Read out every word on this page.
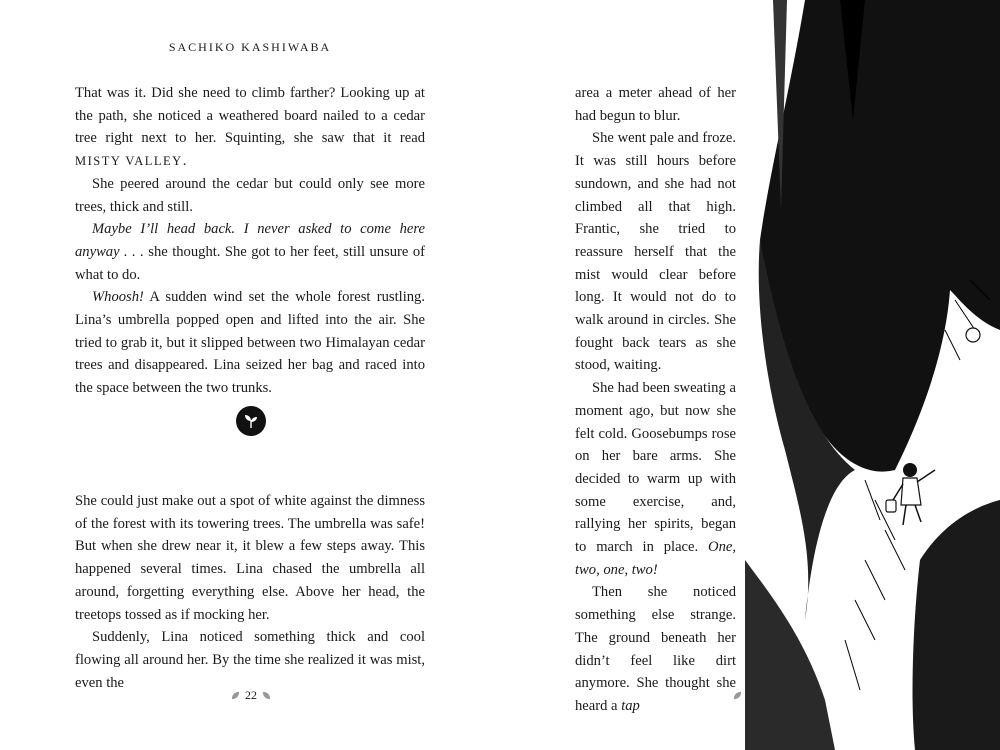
SACHIKO KASHIWABA

That was it. Did she need to climb farther? Looking up at the path, she noticed a weathered board nailed to a cedar tree right next to her. Squinting, she saw that it read MISTY VALLEY.

She peered around the cedar but could only see more trees, thick and still.

Maybe I’ll head back. I never asked to come here anyway . . . she thought. She got to her feet, still unsure of what to do.

Whoosh! A sudden wind set the whole forest rustling. Lina’s umbrella popped open and lifted into the air. She tried to grab it, but it slipped between two Himalayan cedar trees and disappeared. Lina seized her bag and raced into the space between the two trunks.

She could just make out a spot of white against the dimness of the forest with its towering trees. The umbrella was safe! But when she drew near it, it blew a few steps away. This happened several times. Lina chased the umbrella all around, forgetting everything else. Above her head, the treetops tossed as if mocking her.

Suddenly, Lina noticed something thick and cool flowing all around her. By the time she realized it was mist, even the

22

area a meter ahead of her had begun to blur.

She went pale and froze. It was still hours before sundown, and she had not climbed all that high. Frantic, she tried to reassure herself that the mist would clear before long. It would not do to walk around in circles. She fought back tears as she stood, waiting.

She had been sweating a moment ago, but now she felt cold. Goosebumps rose on her bare arms. She decided to warm up with some exercise, and, rallying her spirits, began to march in place. One, two, one, two!

Then she noticed something else strange. The ground beneath her didn’t feel like dirt anymore. She thought she heard a tap
